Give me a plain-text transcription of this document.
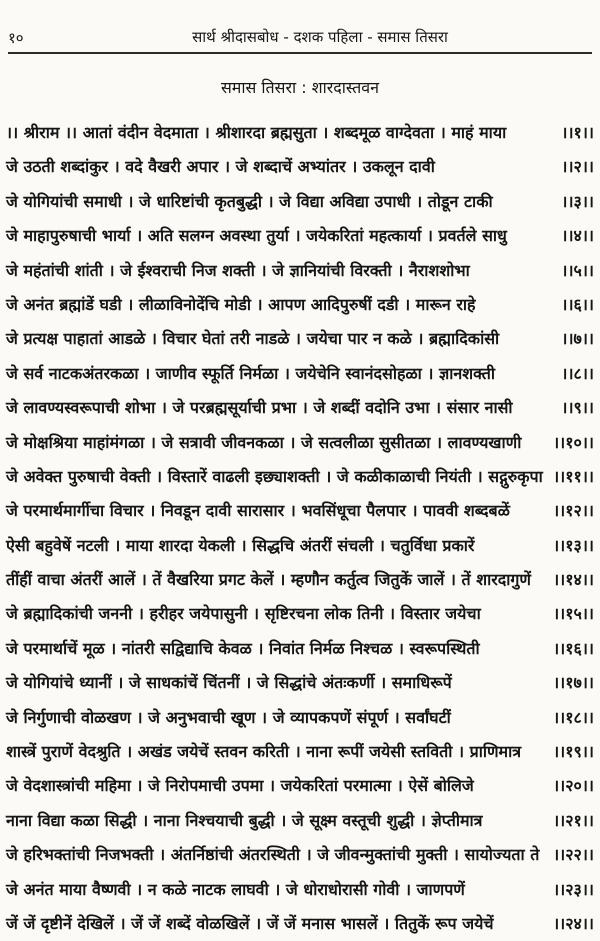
१०	सार्थ श्रीदासबोध - दशक पहिला - समास तिसरा
समास तिसरा : शारदास्तवन
।। श्रीराम ।। आतां वंदीन वेदमाता । श्रीशारदा ब्रह्मसुता । शब्दमूळ वाग्देवता । माहं माया	।।१।।
जे उठती शब्दांकुर । वदे वैखरी अपार । जे शब्दाचें अभ्यांतर । उकलून दावी	।।२।।
जे योगियांची समाधी । जे धारिष्टांची कृतबुद्धी । जे विद्या अविद्या उपाधी । तोडून टाकी	।।३।।
जे माहापुरुषाची भार्या । अति सलग्न अवस्था तुर्या । जयेकरितां महत्कार्या । प्रवर्तले साधु	।।४।।
जे महंतांची शांती । जे ईश्वराची निज शक्ती । जे ज्ञानियांची विरक्ती । नैराशशोभा	।।५।।
जे अनंत ब्रह्मांडें घडी । लीळाविनोदेंचि मोडी । आपण आदिपुरुषीं दडी । मारून राहे	।।६।।
जे प्रत्यक्ष पाहातां आडळे । विचार घेतां तरी नाडळे । जयेचा पार न कळे । ब्रह्मादिकांसी	।।७।।
जे सर्व नाटकअंतरकळा । जाणीव स्फूर्ति निर्मळा । जयेचेनि स्वानंदसोहळा । ज्ञानशक्ती	।।८।।
जे लावण्यस्वरूपाची शोभा । जे परब्रह्मसूर्याची प्रभा । जे शब्दीं वदोनि उभा । संसार नासी	।।९।।
जे मोक्षश्रिया माहांमंगळा । जे सत्रावी जीवनकळा । जे सत्वलीळा सुसीतळा । लावण्यखाणी ।।१०।।
जे अवेक्त पुरुषाची वेक्ती । विस्तारें वाढली इछ्याशक्ती । जे कळीकाळाची नियंती । सद्गुरुकृपा ।।११।।
जे परमार्थमार्गीचा विचार । निवडून दावी सारासार । भवसिंधूचा पैलपार । पाववी शब्दबळें	।।१२।।
ऐसी बहुवेषें नटली । माया शारदा येकली । सिद्धचि अंतरीं संचली । चतुर्विधा प्रकारें	।।१३।।
तींहीं वाचा अंतरीं आलें । तें वैखरिया प्रगट केलें । म्हणौन कर्तुत्व जितुकें जालें । तें शारदागुणें ।।१४।।
जे ब्रह्मादिकांची जननी । हरीहर जयेपासुनी । सृष्टिरचना लोक तिनी । विस्तार जयेचा	।।१५।।
जे परमार्थाचें मूळ । नांतरी सद्विद्याचि केवळ । निवांत निर्मळ निश्चळ । स्वरूपस्थिती	।।१६।।
जे योगियांचे ध्यानीं । जे साधकांचें चिंतनीं । जे सिद्धांचे अंतःकर्णी । समाधिरूपें	।।१७।।
जे निर्गुणाची वोळखण । जे अनुभवाची खूण । जे व्यापकपणें संपूर्ण । सर्वांघटीं	।।१८।।
शास्त्रें पुराणें वेदश्रुति । अखंड जयेचें स्तवन करिती । नाना रूपीं जयेसी स्तविती । प्राणिमात्र ।।१९।।
जे वेदशास्त्रांची महिमा । जे निरोपमाची उपमा । जयेकरितां परमात्मा । ऐसें बोलिजे	।।२०।।
नाना विद्या कळा सिद्धी । नाना निश्चयाची बुद्धी । जे सूक्ष्म वस्तूची शुद्धी । ज्ञेप्तीमात्र	।।२१।।
जे हरिभक्तांची निजभक्ती । अंतर्निष्ठांची अंतरस्थिती । जे जीवन्मुक्तांची मुक्ती । सायोज्यता ते ।।२२।।
जे अनंत माया वैष्णवी । न कळे नाटक लाघवी । जे धोराधोरासी गोवी । जाणपणें	।।२३।।
जें जें दृष्टीनें देखिलें । जें जें शब्दें वोळखिलें । जें जें मनास भासलें । तितुकें रूप जयेचें	।।२४।।
